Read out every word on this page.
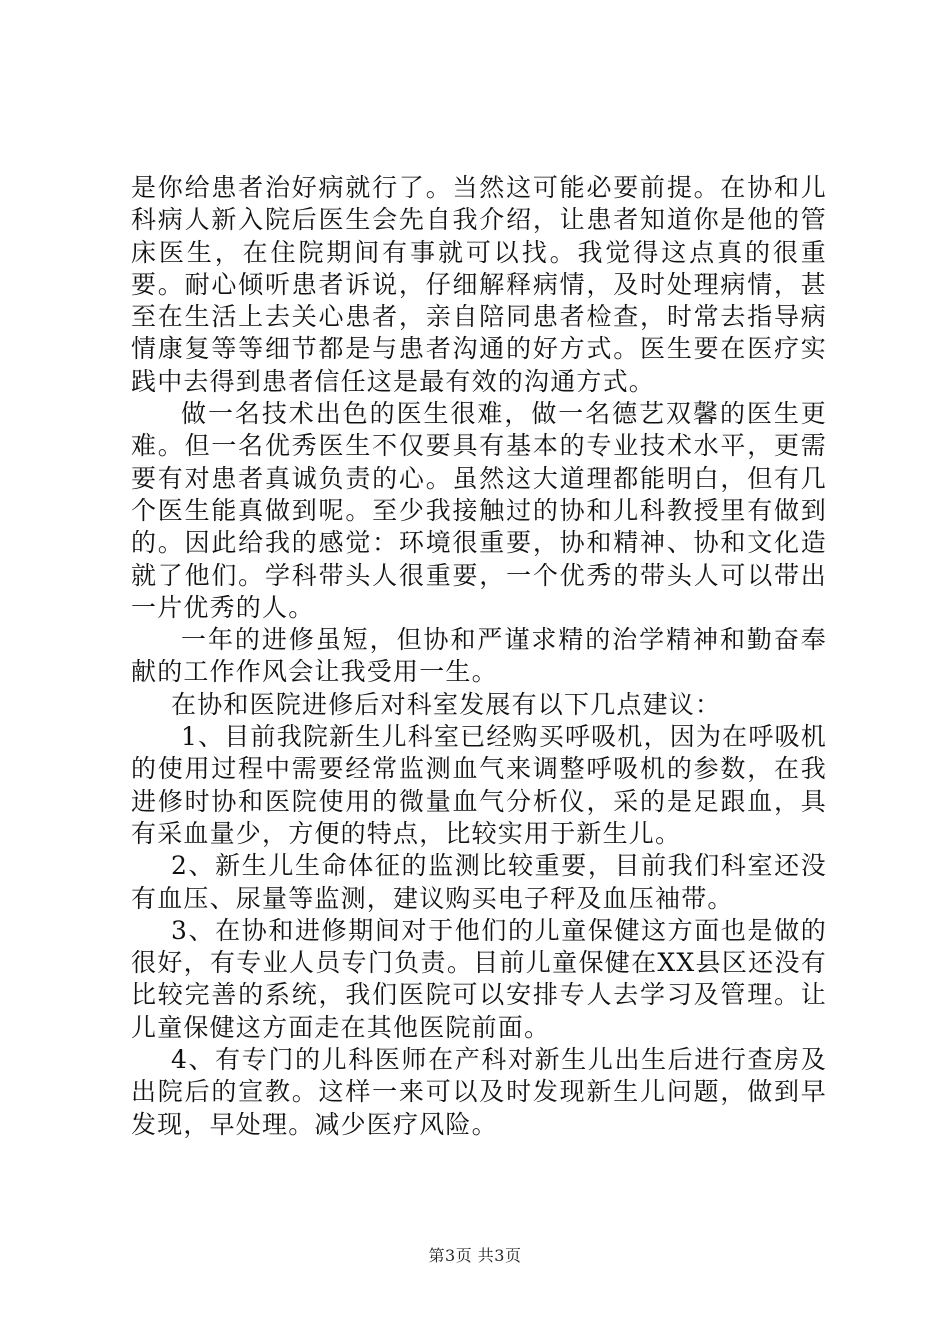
是你给患者治好病就行了。当然这可能必要前提。在协和儿科病人新入院后医生会先自我介绍，让患者知道你是他的管床医生，在住院期间有事就可以找。我觉得这点真的很重要。耐心倾听患者诉说，仔细解释病情，及时处理病情，甚至在生活上去关心患者，亲自陪同患者检查，时常去指导病情康复等等细节都是与患者沟通的好方式。医生要在医疗实践中去得到患者信任这是最有效的沟通方式。

做一名技术出色的医生很难，做一名德艺双馨的医生更难。但一名优秀医生不仅要具有基本的专业技术水平，更需要有对患者真诚负责的心。虽然这大道理都能明白，但有几个医生能真做到呢。至少我接触过的协和儿科教授里有做到的。因此给我的感觉：环境很重要，协和精神、协和文化造就了他们。学科带头人很重要，一个优秀的带头人可以带出一片优秀的人。

一年的进修虽短，但协和严谨求精的治学精神和勤奋奉献的工作作风会让我受用一生。

在协和医院进修后对科室发展有以下几点建议：

1、目前我院新生儿科室已经购买呼吸机，因为在呼吸机的使用过程中需要经常监测血气来调整呼吸机的参数，在我进修时协和医院使用的微量血气分析仪，采的是足跟血，具有采血量少，方便的特点，比较实用于新生儿。

2、新生儿生命体征的监测比较重要，目前我们科室还没有血压、尿量等监测，建议购买电子秤及血压袖带。

3、在协和进修期间对于他们的儿童保健这方面也是做的很好，有专业人员专门负责。目前儿童保健在XX县区还没有比较完善的系统，我们医院可以安排专人去学习及管理。让儿童保健这方面走在其他医院前面。

4、有专门的儿科医师在产科对新生儿出生后进行查房及出院后的宣教。这样一来可以及时发现新生儿问题，做到早发现，早处理。减少医疗风险。

第3页 共3页
